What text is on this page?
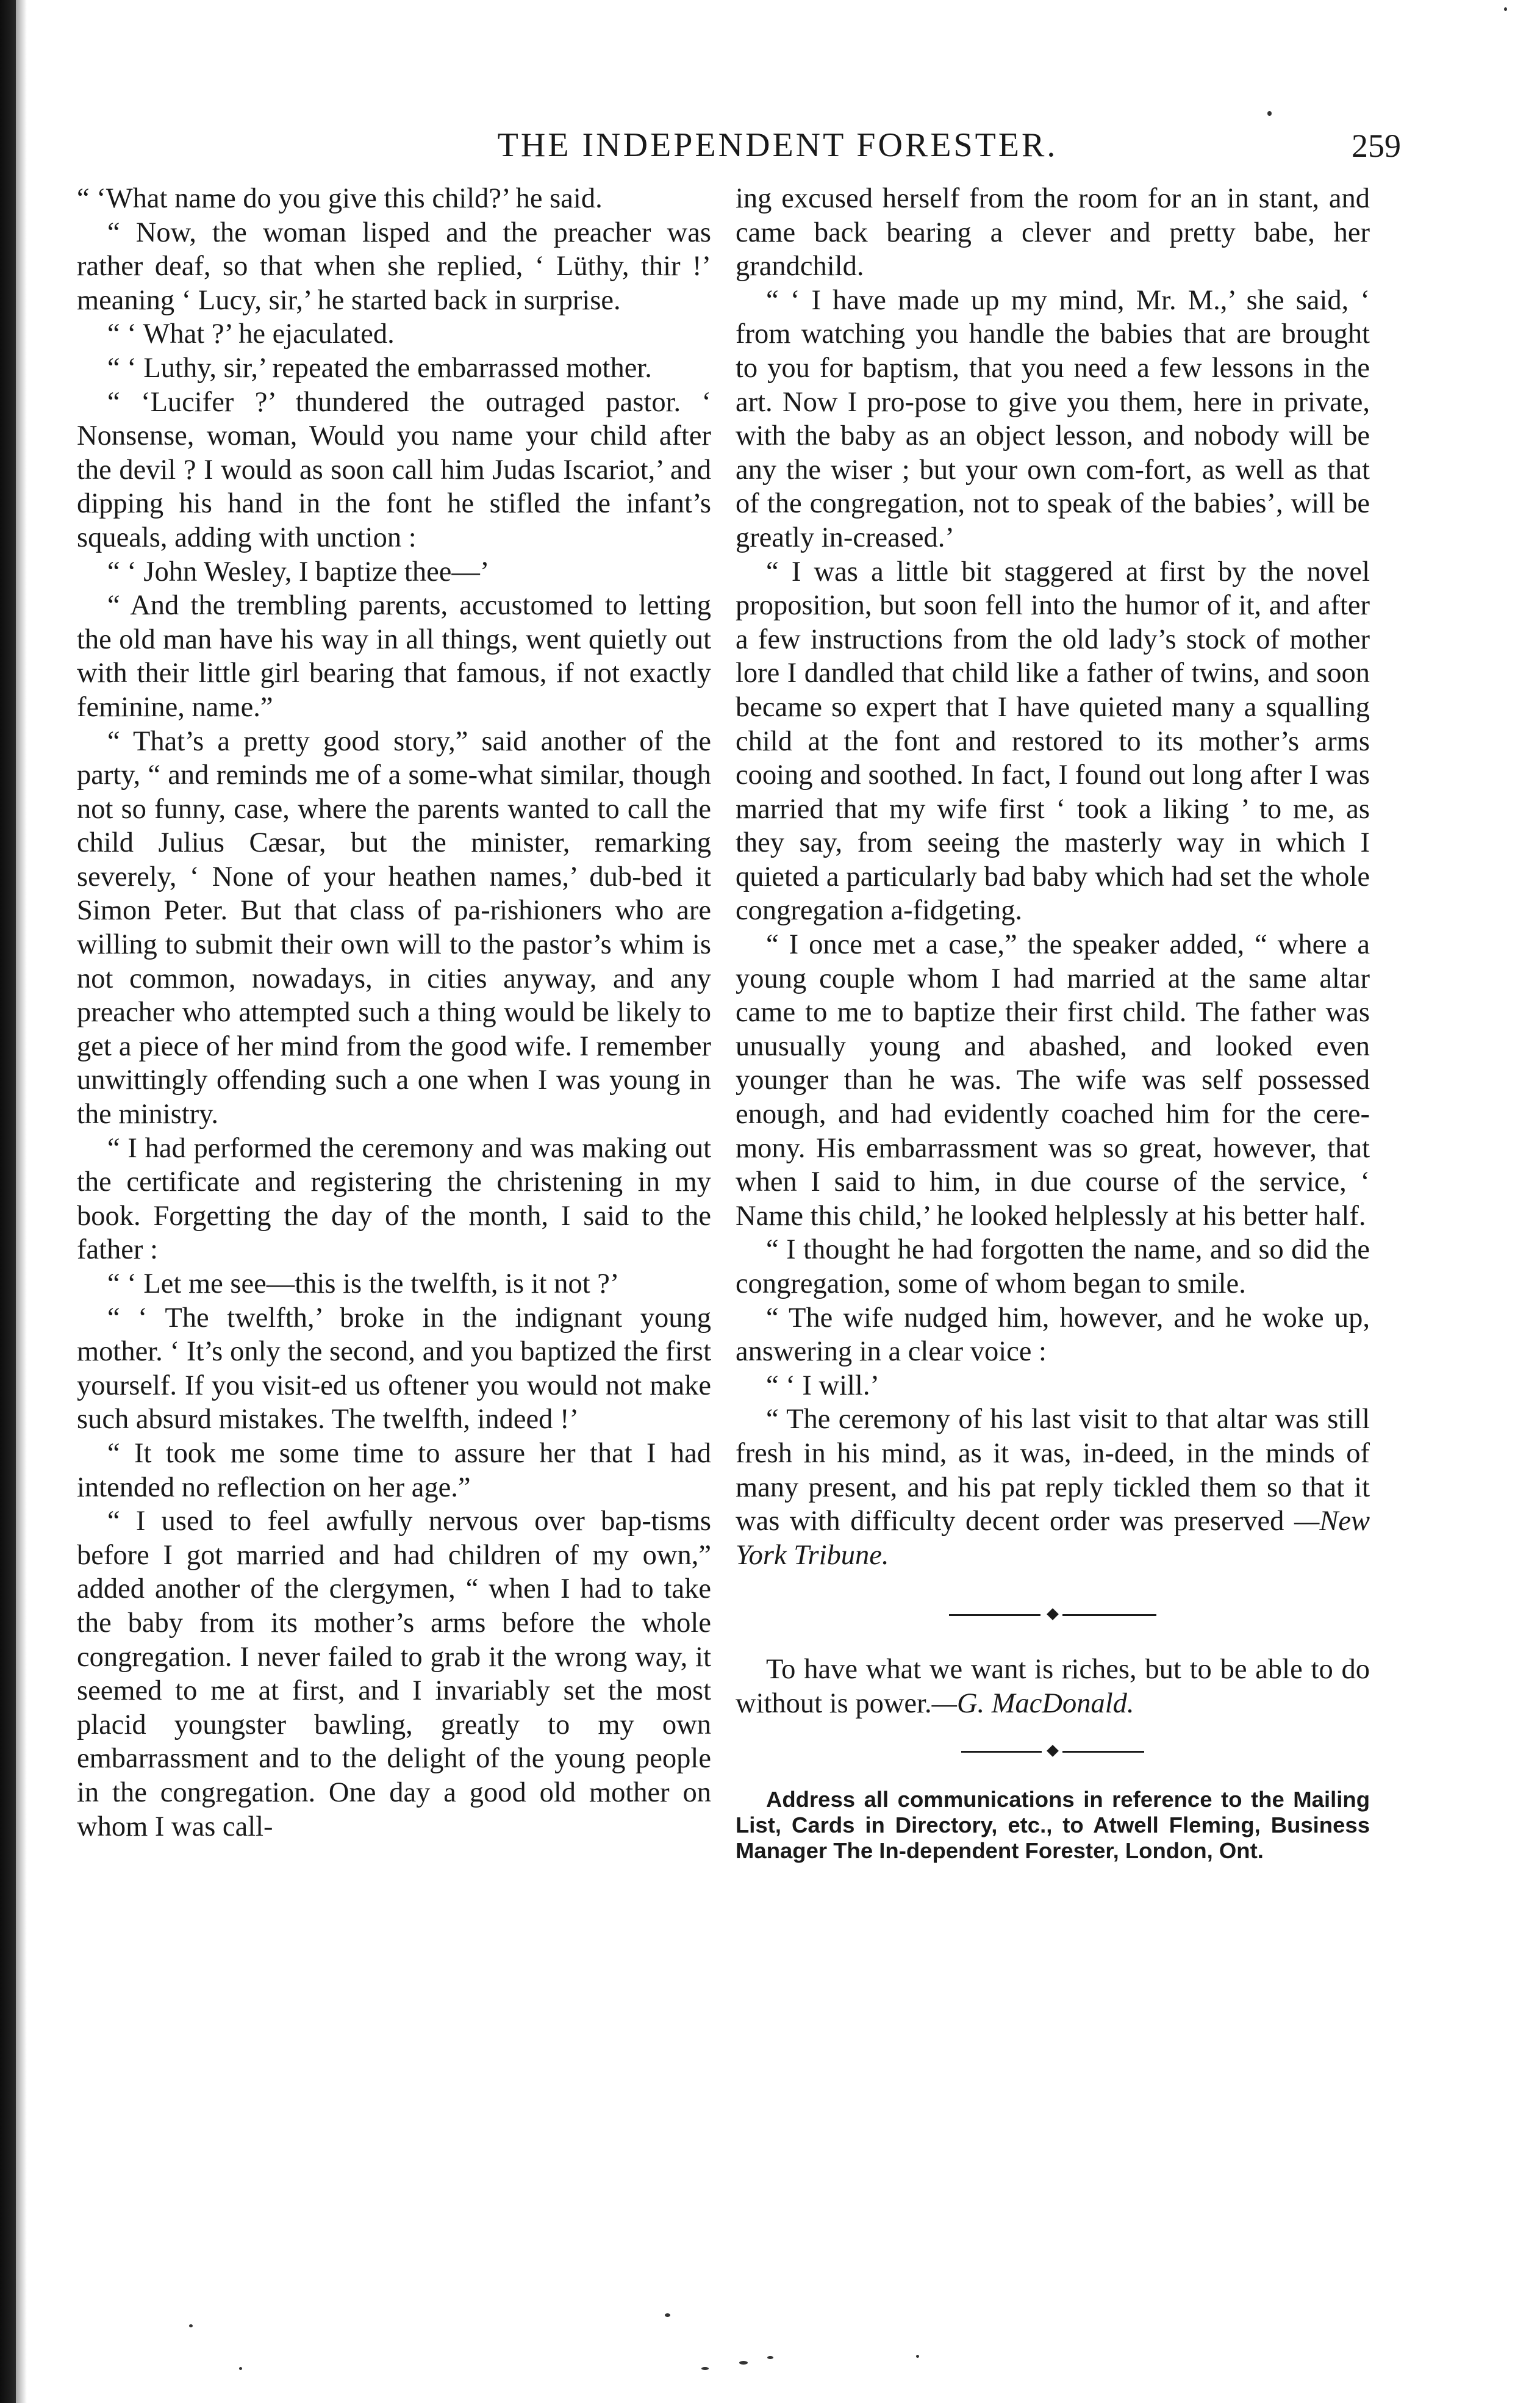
THE INDEPENDENT FORESTER.	259

“ ‘What name do you give this child?’ he said.

“ Now, the woman lisped and the preacher was rather deaf, so that when she replied, ‘ Lüthy, thir !’ meaning ‘ Lucy, sir,’ he started back in surprise.

“ ‘ What ?’ he ejaculated.

“ ‘ Luthy, sir,’ repeated the embarrassed mother.

“ ‘Lucifer ?’ thundered the outraged pastor. ‘ Nonsense, woman, Would you name your child after the devil ? I would as soon call him Judas Iscariot,’ and dipping his hand in the font he stifled the infant’s squeals, adding with unction :

“ ‘ John Wesley, I baptize thee—’

“ And the trembling parents, accustomed to letting the old man have his way in all things, went quietly out with their little girl bearing that famous, if not exactly feminine, name.”

“ That’s a pretty good story,” said another of the party, “ and reminds me of a some-what similar, though not so funny, case, where the parents wanted to call the child Julius Cæsar, but the minister, remarking severely, ‘ None of your heathen names,’ dub-bed it Simon Peter. But that class of pa-rishioners who are willing to submit their own will to the pastor’s whim is not common, nowadays, in cities anyway, and any preacher who attempted such a thing would be likely to get a piece of her mind from the good wife. I remember unwittingly offending such a one when I was young in the ministry.

“ I had performed the ceremony and was making out the certificate and registering the christening in my book. Forgetting the day of the month, I said to the father :

“ ‘ Let me see—this is the twelfth, is it not ?’

“ ‘ The twelfth,’ broke in the indignant young mother. ‘ It’s only the second, and you baptized the first yourself. If you visit-ed us oftener you would not make such absurd mistakes. The twelfth, indeed !’

“ It took me some time to assure her that I had intended no reflection on her age.”

“ I used to feel awfully nervous over bap-tisms before I got married and had children of my own,” added another of the clergymen, “ when I had to take the baby from its mother’s arms before the whole congregation. I never failed to grab it the wrong way, it seemed to me at first, and I invariably set the most placid youngster bawling, greatly to my own embarrassment and to the delight of the young people in the congregation. One day a good old mother on whom I was call-

ing excused herself from the room for an in stant, and came back bearing a clever and pretty babe, her grandchild.

“ ‘ I have made up my mind, Mr. M.,’ she said, ‘ from watching you handle the babies that are brought to you for baptism, that you need a few lessons in the art. Now I pro-pose to give you them, here in private, with the baby as an object lesson, and nobody will be any the wiser ; but your own com-fort, as well as that of the congregation, not to speak of the babies’, will be greatly in-creased.’

“ I was a little bit staggered at first by the novel proposition, but soon fell into the humor of it, and after a few instructions from the old lady’s stock of mother lore I dandled that child like a father of twins, and soon became so expert that I have quieted many a squalling child at the font and restored to its mother’s arms cooing and soothed. In fact, I found out long after I was married that my wife first ‘ took a liking ’ to me, as they say, from seeing the masterly way in which I quieted a particularly bad baby which had set the whole congregation a-fidgeting.

“ I once met a case,” the speaker added, “ where a young couple whom I had married at the same altar came to me to baptize their first child. The father was unusually young and abashed, and looked even younger than he was. The wife was self possessed enough, and had evidently coached him for the cere-mony. His embarrassment was so great, however, that when I said to him, in due course of the service, ‘ Name this child,’ he looked helplessly at his better half.

“ I thought he had forgotten the name, and so did the congregation, some of whom began to smile.

“ The wife nudged him, however, and he woke up, answering in a clear voice :

“ ‘ I will.’

“ The ceremony of his last visit to that altar was still fresh in his mind, as it was, in-deed, in the minds of many present, and his pat reply tickled them so that it was with difficulty decent order was preserved —New York Tribune.

To have what we want is riches, but to be able to do without is power.—G. MacDonald.

Address all communications in reference to the Mailing List, Cards in Directory, etc., to Atwell Fleming, Business Manager The In-dependent Forester, London, Ont.
